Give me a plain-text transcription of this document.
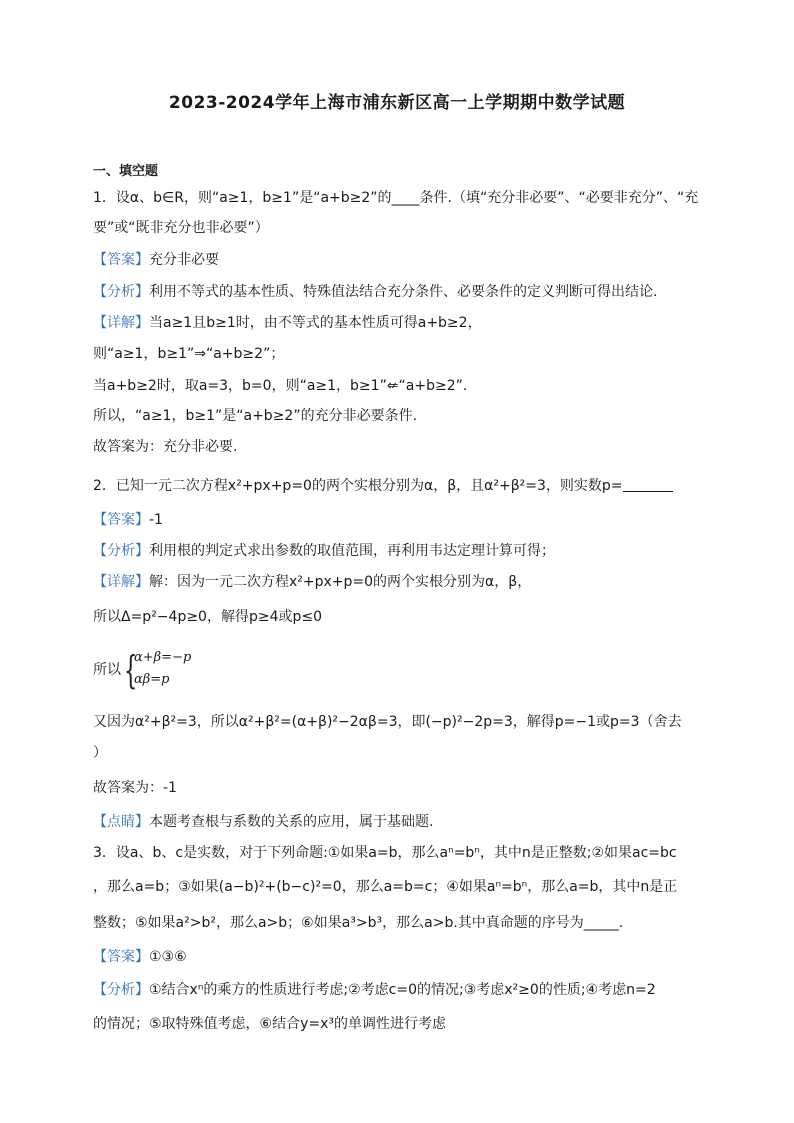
2023-2024学年上海市浦东新区高一上学期期中数学试题
一、填空题
1．设α、b∈R，则“a≥1，b≥1”是“a+b≥2”的____条件.（填“充分非必要”、“必要非充分”、“充
要”或“既非充分也非必要”）
【答案】充分非必要
【分析】利用不等式的基本性质、特殊值法结合充分条件、必要条件的定义判断可得出结论.
【详解】当a≥1且b≥1时，由不等式的基本性质可得a+b≥2，
则“a≥1，b≥1”⇒“a+b≥2”；
当a+b≥2时，取a=3，b=0，则“a≥1，b≥1”⇍“a+b≥2”.
所以，“a≥1，b≥1”是“a+b≥2”的充分非必要条件.
故答案为：充分非必要.
2．已知一元二次方程x²+px+p=0的两个实根分别为α，β，且α²+β²=3，则实数p=
【答案】-1
【分析】利用根的判定式求出参数的取值范围，再利用韦达定理计算可得；
【详解】解：因为一元二次方程x²+px+p=0的两个实根分别为α，β，
所以Δ=p²−4p≥0，解得p≥4或p≤0
所以 {
α+β=−p
αβ=p
又因为α²+β²=3，所以α²+β²=(α+β)²−2αβ=3，即(−p)²−2p=3，解得p=−1或p=3（舍去
）
故答案为：-1
【点睛】本题考查根与系数的关系的应用，属于基础题.
3．设a、b、c是实数，对于下列命题:①如果a=b，那么aⁿ=bⁿ，其中n是正整数;②如果ac=bc
，那么a=b；③如果(a−b)²+(b−c)²=0，那么a=b=c；④如果aⁿ=bⁿ，那么a=b，其中n是正
整数；⑤如果a²>b²，那么a>b；⑥如果a³>b³，那么a>b.其中真命题的序号为_____.
【答案】①③⑥
【分析】①结合xⁿ的乘方的性质进行考虑;②考虑c=0的情况;③考虑x²≥0的性质;④考虑n=2
的情况；⑤取特殊值考虑，⑥结合y=x³的单调性进行考虑
